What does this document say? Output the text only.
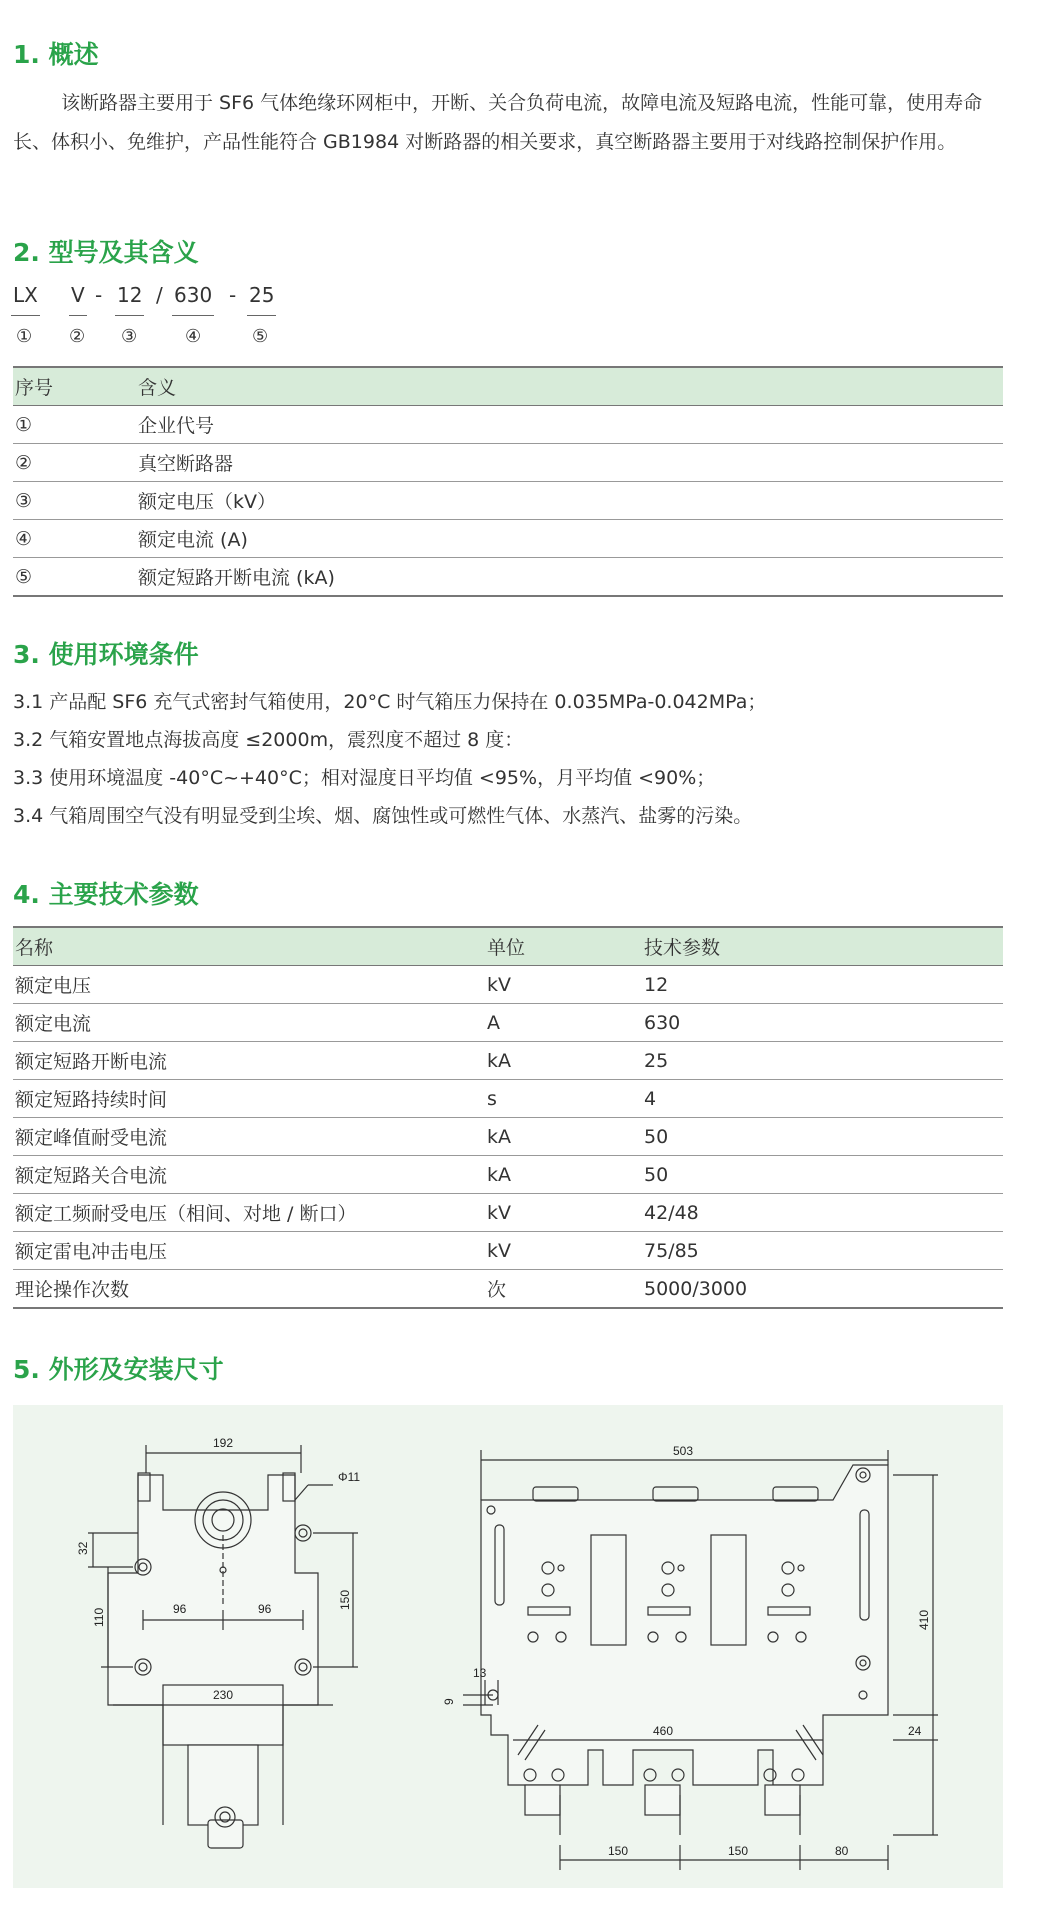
1. 概述

该断路器主要用于 SF6 气体绝缘环网柜中，开断、关合负荷电流，故障电流及短路电流，性能可靠，使用寿命长、体积小、免维护，产品性能符合 GB1984 对断路器的相关要求，真空断路器主要用于对线路控制保护作用。

2. 型号及其含义
LX
①
V
②
- 12
③
/ 630
④
- 25
⑤
序号	含义
①	企业代号
②	真空断路器
③	额定电压（kV）
④	额定电流 (A)
⑤	额定短路开断电流 (kA)
3. 使用环境条件

3.1 产品配 SF6 充气式密封气箱使用，20°C 时气箱压力保持在 0.035MPa-0.042MPa；

3.2 气箱安置地点海拔高度 ≤2000m，震烈度不超过 8 度：

3.3 使用环境温度 -40°C~+40°C；相对湿度日平均值 <95%，月平均值 <90%；

3.4 气箱周围空气没有明显受到尘埃、烟、腐蚀性或可燃性气体、水蒸汽、盐雾的污染。

4. 主要技术参数
名称	单位	技术参数
额定电压	kV	12
额定电流	A	630
额定短路开断电流	kA	25
额定短路持续时间	s	4
额定峰值耐受电流	kA	50
额定短路关合电流	kA	50
额定工频耐受电压（相间、对地 / 断口）	kV	42/48
额定雷电冲击电压	kV	75/85
理论操作次数	次	5000/3000
5. 外形及安装尺寸
192
Φ11
32
110
150
96	96
230
503
410
13
9
460	24
150	150	80
